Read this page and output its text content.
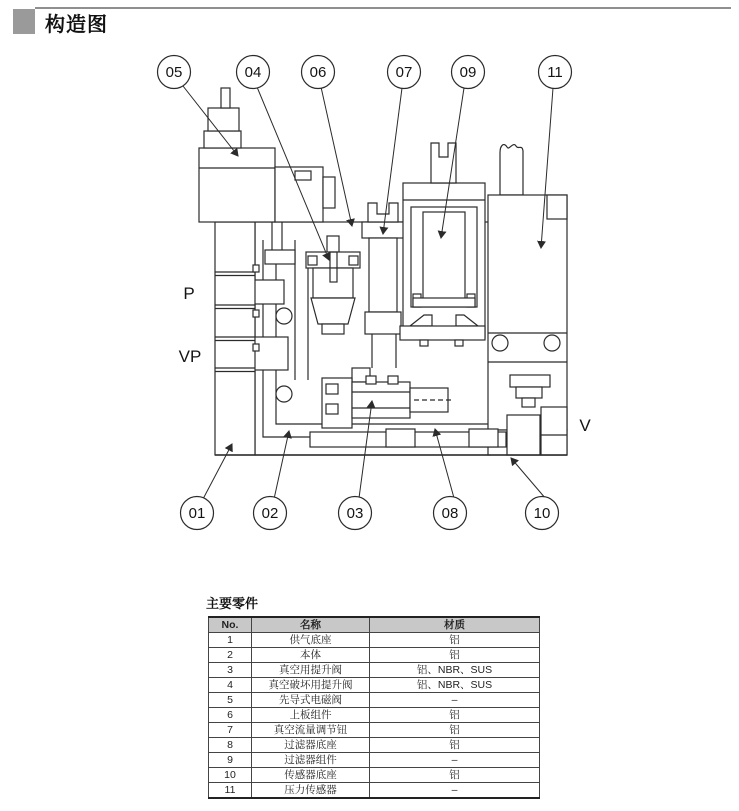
构造图
P
VP
V
05	04	06	07	09	11
01	02	03	08	10
主要零件
No.	名称	材质
1	供气底座	铝
2	本体	铝
3	真空用提升阀	铝、NBR、SUS
4	真空破坏用提升阀	铝、NBR、SUS
5	先导式电磁阀	–
6	上板组件	铝
7	真空流量调节钮	铝
8	过滤器底座	铝
9	过滤器组件	–
10	传感器底座	铝
11	压力传感器	–
